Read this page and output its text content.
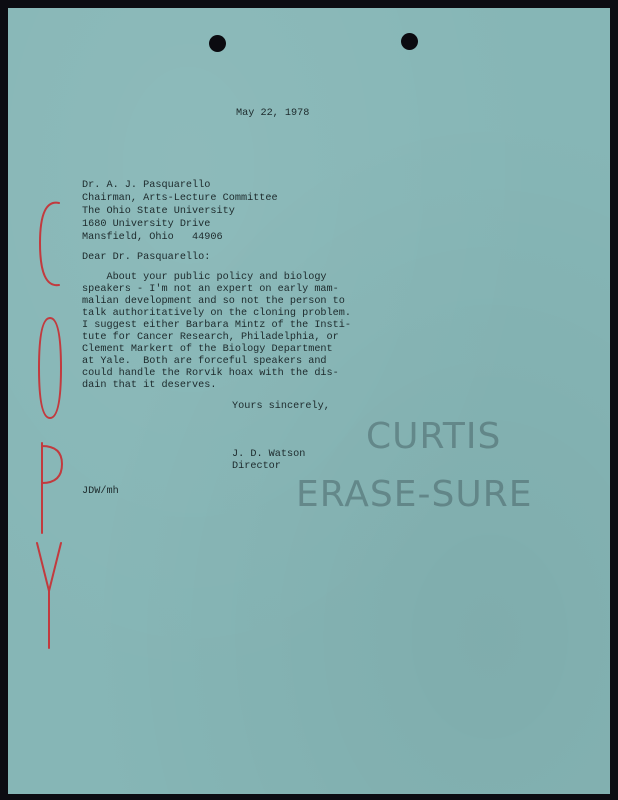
May 22, 1978
Dr. A. J. Pasquarello
Chairman, Arts-Lecture Committee
The Ohio State University
1680 University Drive
Mansfield, Ohio   44906
Dear Dr. Pasquarello:
About your public policy and biology
speakers - I'm not an expert on early mam-
malian development and so not the person to
talk authoritatively on the cloning problem.
I suggest either Barbara Mintz of the Insti-
tute for Cancer Research, Philadelphia, or
Clement Markert of the Biology Department
at Yale.  Both are forceful speakers and
could handle the Rorvik hoax with the dis-
dain that it deserves.
Yours sincerely,
J. D. Watson
Director
JDW/mh
CURTIS
ERASE-SURE
